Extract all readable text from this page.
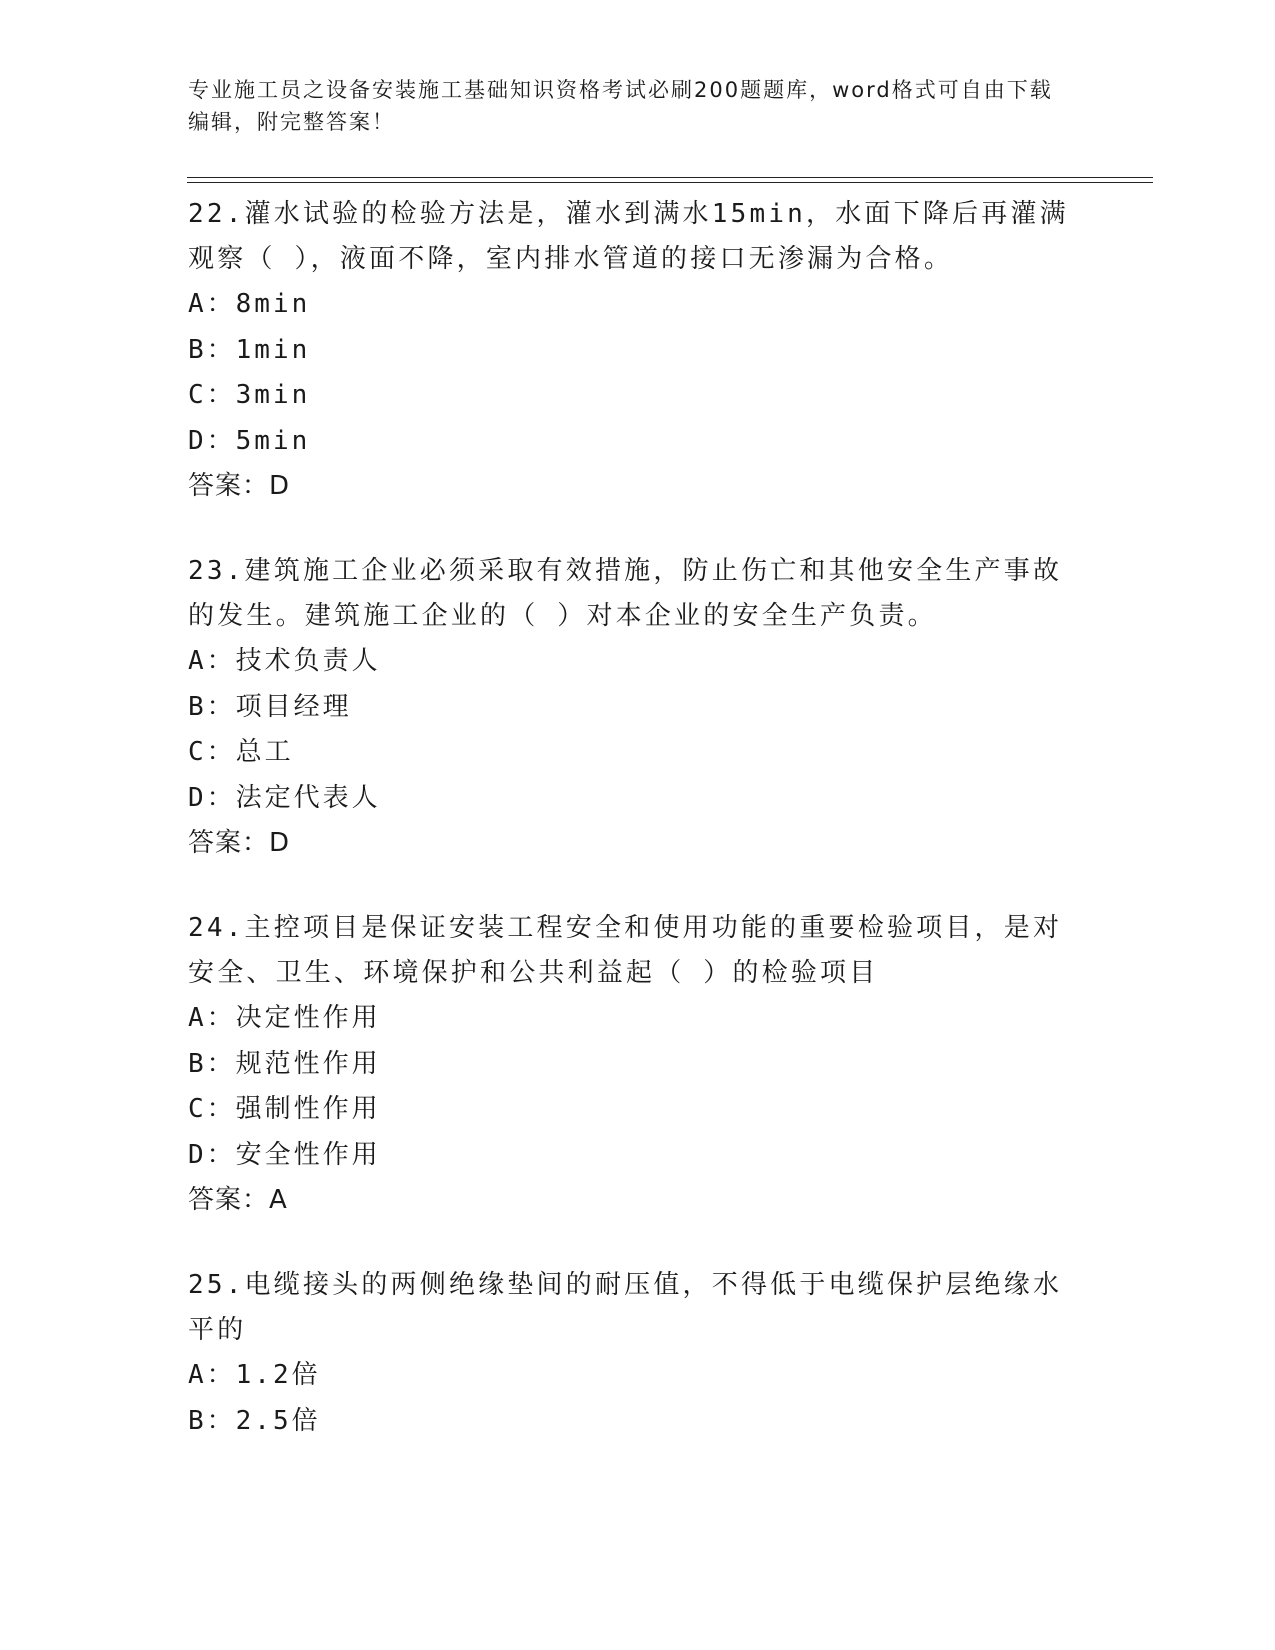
专业施工员之设备安装施工基础知识资格考试必刷200题题库，word格式可自由下载编辑，附完整答案！
22.灌水试验的检验方法是，灌水到满水15min，水面下降后再灌满观察（ ），液面不降，室内排水管道的接口无渗漏为合格。
A：8min
B：1min
C：3min
D：5min
答案：D
23.建筑施工企业必须采取有效措施，防止伤亡和其他安全生产事故的发生。建筑施工企业的（ ）对本企业的安全生产负责。
A：技术负责人
B：项目经理
C：总工
D：法定代表人
答案：D
24.主控项目是保证安装工程安全和使用功能的重要检验项目，是对安全、卫生、环境保护和公共利益起（ ）的检验项目
A：决定性作用
B：规范性作用
C：强制性作用
D：安全性作用
答案：A
25.电缆接头的两侧绝缘垫间的耐压值，不得低于电缆保护层绝缘水平的
A：1.2倍
B：2.5倍
